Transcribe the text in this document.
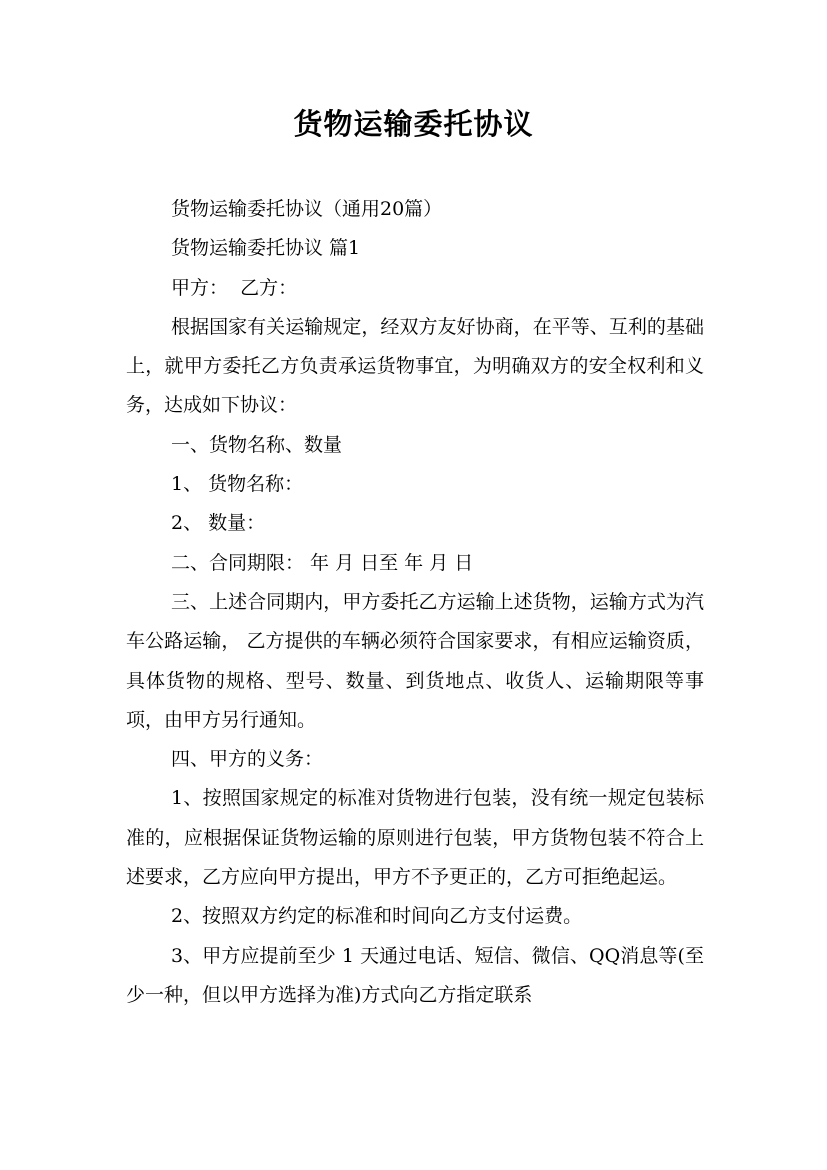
货物运输委托协议

货物运输委托协议（通用20篇）

货物运输委托协议 篇1

甲方：  乙方：

根据国家有关运输规定，经双方友好协商，在平等、互利的基础上，就甲方委托乙方负责承运货物事宜，为明确双方的安全权利和义务，达成如下协议：

一、货物名称、数量

1、 货物名称：

2、 数量：

二、合同期限： 年 月 日至 年 月 日

三、上述合同期内，甲方委托乙方运输上述货物，运输方式为汽车公路运输， 乙方提供的车辆必须符合国家要求，有相应运输资质，具体货物的规格、型号、数量、到货地点、收货人、运输期限等事项，由甲方另行通知。

四、甲方的义务：

1、按照国家规定的标准对货物进行包装，没有统一规定包装标准的，应根据保证货物运输的原则进行包装，甲方货物包装不符合上述要求，乙方应向甲方提出，甲方不予更正的，乙方可拒绝起运。

2、按照双方约定的标准和时间向乙方支付运费。

3、甲方应提前至少 1 天通过电话、短信、微信、QQ消息等(至少一种，但以甲方选择为准)方式向乙方指定联系
